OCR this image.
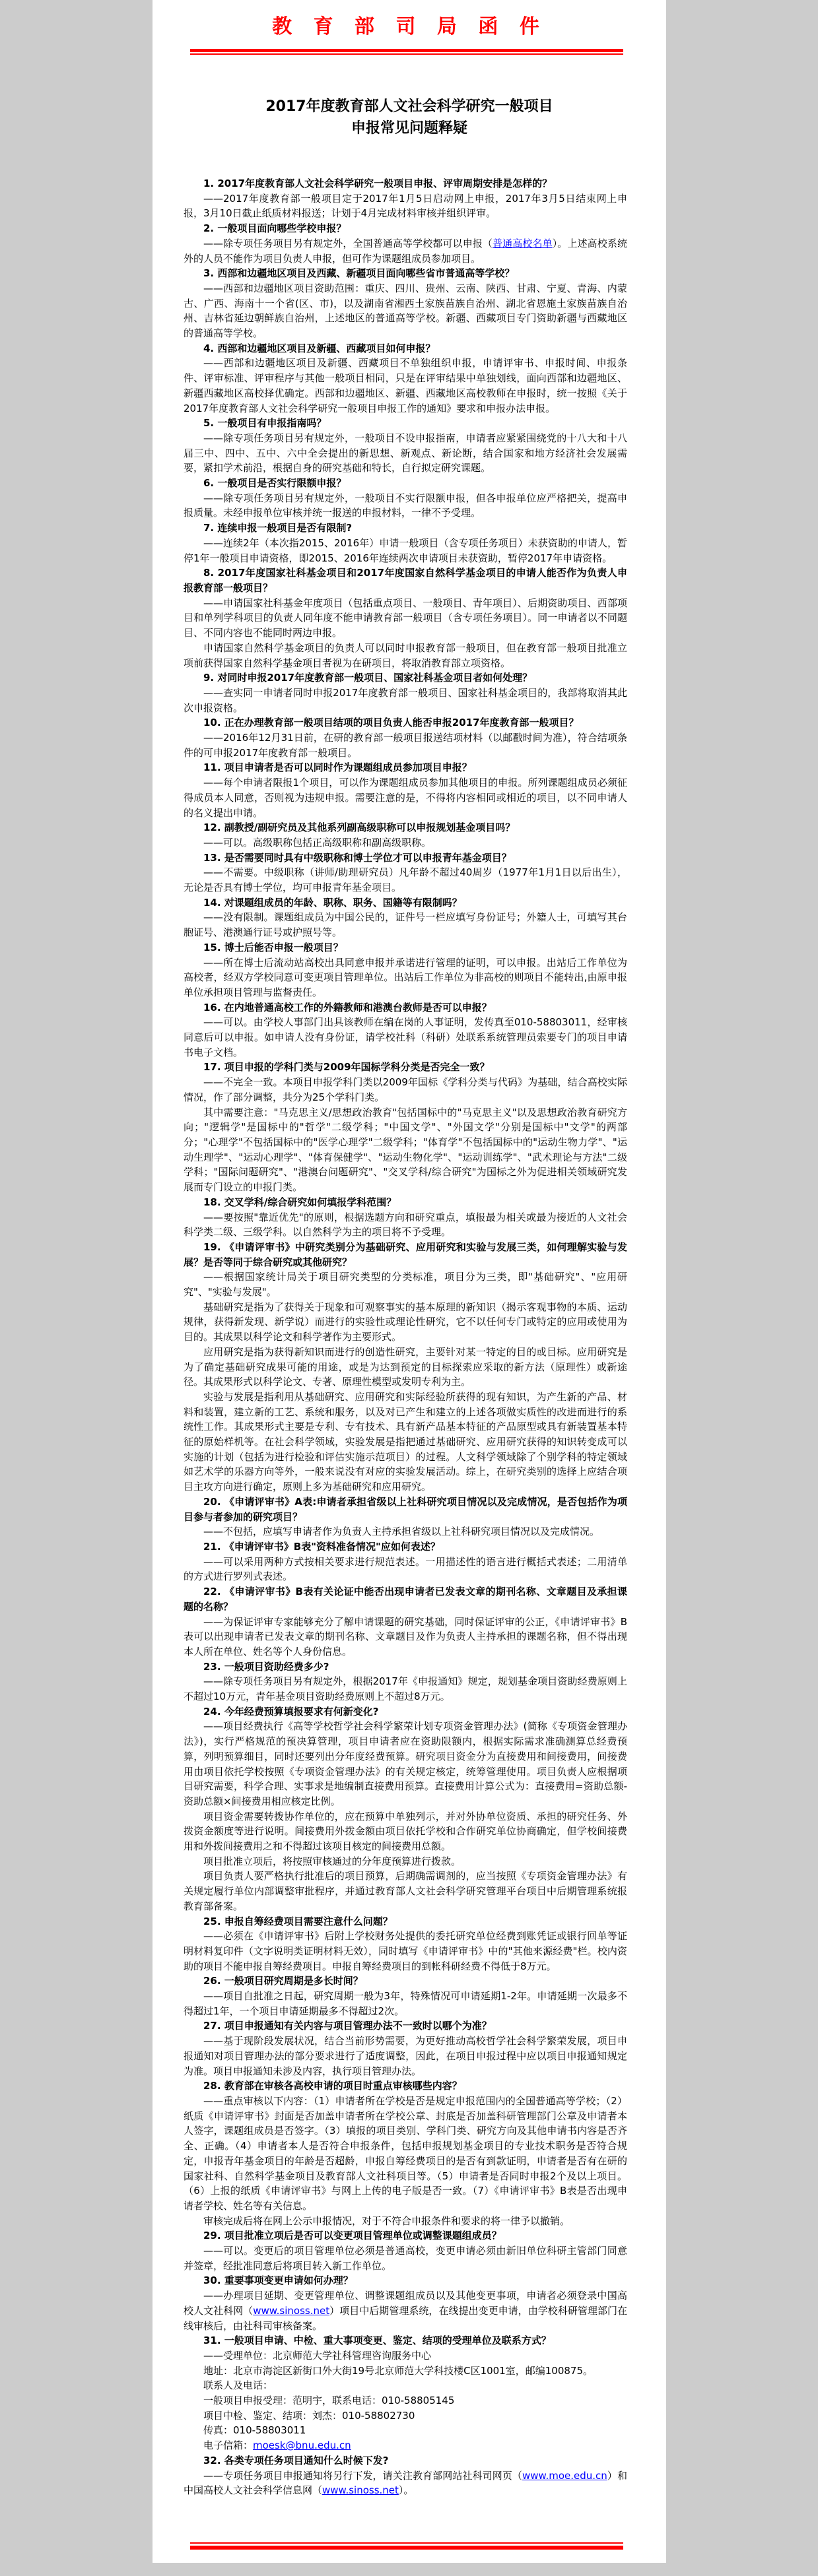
教 育 部 司 局 函 件
2017年度教育部人文社会科学研究一般项目
申报常见问题释疑

1. 2017年度教育部人文社会科学研究一般项目申报、评审周期安排是怎样的？

——2017年度教育部一般项目定于2017年1月5日启动网上申报，2017年3月5日结束网上申报，3月10日截止纸质材料报送；计划于4月完成材料审核并组织评审。

2. 一般项目面向哪些学校申报？

——除专项任务项目另有规定外，全国普通高等学校都可以申报（普通高校名单）。上述高校系统外的人员不能作为项目负责人申报，但可作为课题组成员参加项目。

3. 西部和边疆地区项目及西藏、新疆项目面向哪些省市普通高等学校？

——西部和边疆地区项目资助范围：重庆、四川、贵州、云南、陕西、甘肃、宁夏、青海、内蒙古、广西、海南十一个省(区、市)，以及湖南省湘西土家族苗族自治州、湖北省恩施土家族苗族自治州、吉林省延边朝鲜族自治州，上述地区的普通高等学校。新疆、西藏项目专门资助新疆与西藏地区的普通高等学校。

4. 西部和边疆地区项目及新疆、西藏项目如何申报？

——西部和边疆地区项目及新疆、西藏项目不单独组织申报，申请评审书、申报时间、申报条件、评审标准、评审程序与其他一般项目相同，只是在评审结果中单独划线，面向西部和边疆地区、新疆西藏地区高校择优确定。西部和边疆地区、新疆、西藏地区高校教师在申报时，统一按照《关于2017年度教育部人文社会科学研究一般项目申报工作的通知》要求和申报办法申报。

5. 一般项目有申报指南吗？

——除专项任务项目另有规定外，一般项目不设申报指南，申请者应紧紧围绕党的十八大和十八届三中、四中、五中、六中全会提出的新思想、新观点、新论断，结合国家和地方经济社会发展需要，紧扣学术前沿，根据自身的研究基础和特长，自行拟定研究课题。

6. 一般项目是否实行限额申报？

——除专项任务项目另有规定外，一般项目不实行限额申报，但各申报单位应严格把关，提高申报质量。未经申报单位审核并统一报送的申报材料，一律不予受理。

7. 连续申报一般项目是否有限制?

——连续2年（本次指2015、2016年）申请一般项目（含专项任务项目）未获资助的申请人，暂停1年一般项目申请资格，即2015、2016年连续两次申请项目未获资助，暂停2017年申请资格。

8. 2017年度国家社科基金项目和2017年度国家自然科学基金项目的申请人能否作为负责人申报教育部一般项目？

——申请国家社科基金年度项目（包括重点项目、一般项目、青年项目）、后期资助项目、西部项目和单列学科项目的负责人同年度不能申请教育部一般项目（含专项任务项目）。同一申请者以不同题目、不同内容也不能同时两边申报。

申请国家自然科学基金项目的负责人可以同时申报教育部一般项目，但在教育部一般项目批准立项前获得国家自然科学基金项目者视为在研项目，将取消教育部立项资格。

9. 对同时申报2017年度教育部一般项目、国家社科基金项目者如何处理？

——查实同一申请者同时申报2017年度教育部一般项目、国家社科基金项目的，我部将取消其此次申报资格。

10. 正在办理教育部一般项目结项的项目负责人能否申报2017年度教育部一般项目？

——2016年12月31日前，在研的教育部一般项目报送结项材料（以邮戳时间为准），符合结项条件的可申报2017年度教育部一般项目。

11. 项目申请者是否可以同时作为课题组成员参加项目申报？

——每个申请者限报1个项目，可以作为课题组成员参加其他项目的申报。所列课题组成员必须征得成员本人同意，否则视为违规申报。需要注意的是，不得将内容相同或相近的项目，以不同申请人的名义提出申请。

12. 副教授/副研究员及其他系列副高级职称可以申报规划基金项目吗？

——可以。高级职称包括正高级职称和副高级职称。

13. 是否需要同时具有中级职称和博士学位才可以申报青年基金项目？

——不需要。中级职称（讲师/助理研究员）凡年龄不超过40周岁（1977年1月1日以后出生），无论是否具有博士学位，均可申报青年基金项目。

14. 对课题组成员的年龄、职称、职务、国籍等有限制吗？

——没有限制。课题组成员为中国公民的，证件号一栏应填写身份证号；外籍人士，可填写其台胞证号、港澳通行证号或护照号等。

15. 博士后能否申报一般项目？

——所在博士后流动站高校出具同意申报并承诺进行管理的证明，可以申报。出站后工作单位为高校者，经双方学校同意可变更项目管理单位。出站后工作单位为非高校的则项目不能转出,由原申报单位承担项目管理与监督责任。

16. 在内地普通高校工作的外籍教师和港澳台教师是否可以申报？

——可以。由学校人事部门出具该教师在编在岗的人事证明，发传真至010-58803011，经审核同意后可以申报。如申请人没有身份证，请学校社科（科研）处联系系统管理员索要专门的项目申请书电子文档。

17. 项目申报的学科门类与2009年国标学科分类是否完全一致？

——不完全一致。本项目申报学科门类以2009年国标《学科分类与代码》为基础，结合高校实际情况，作了部分调整，共分为25个学科门类。

其中需要注意："马克思主义/思想政治教育"包括国标中的"马克思主义"以及思想政治教育研究方向；"逻辑学"是国标中的"哲学"二级学科；"中国文学"、"外国文学"分别是国标中"文学"的两部分；"心理学"不包括国标中的"医学心理学"二级学科；"体育学"不包括国标中的"运动生物力学"、"运动生理学"、"运动心理学"、"体育保健学"、"运动生物化学"、"运动训练学"、"武术理论与方法"二级学科；"国际问题研究"、"港澳台问题研究"、"交叉学科/综合研究"为国标之外为促进相关领域研究发展而专门设立的申报门类。

18. 交叉学科/综合研究如何填报学科范围？

——要按照"靠近优先"的原则，根据选题方向和研究重点，填报最为相关或最为接近的人文社会科学类二级、三级学科。以自然科学为主的项目将不予受理。

19. 《申请评审书》中研究类别分为基础研究、应用研究和实验与发展三类，如何理解实验与发展？是否等同于综合研究或其他研究？

——根据国家统计局关于项目研究类型的分类标准，项目分为三类，即"基础研究"、"应用研究"、"实验与发展"。

基础研究是指为了获得关于现象和可观察事实的基本原理的新知识（揭示客观事物的本质、运动规律，获得新发现、新学说）而进行的实验性或理论性研究，它不以任何专门或特定的应用或使用为目的。其成果以科学论文和科学著作为主要形式。

应用研究是指为获得新知识而进行的创造性研究，主要针对某一特定的目的或目标。应用研究是为了确定基础研究成果可能的用途，或是为达到预定的目标探索应采取的新方法（原理性）或新途径。其成果形式以科学论文、专著、原理性模型或发明专利为主。

实验与发展是指利用从基础研究、应用研究和实际经验所获得的现有知识，为产生新的产品、材料和装置，建立新的工艺、系统和服务，以及对已产生和建立的上述各项做实质性的改进而进行的系统性工作。其成果形式主要是专利、专有技术、具有新产品基本特征的产品原型或具有新装置基本特征的原始样机等。在社会科学领域，实验发展是指把通过基础研究、应用研究获得的知识转变成可以实施的计划（包括为进行检验和评估实施示范项目）的过程。人文科学领域除了个别学科的特定领域如艺术学的乐器方向等外，一般来说没有对应的实验发展活动。综上，在研究类别的选择上应结合项目主攻方向进行确定，原则上多为基础研究和应用研究。

20. 《申请评审书》A表:申请者承担省级以上社科研究项目情况以及完成情况，是否包括作为项目参与者参加的研究项目？

——不包括，应填写申请者作为负责人主持承担省级以上社科研究项目情况以及完成情况。

21. 《申请评审书》B表"资料准备情况"应如何表述？

——可以采用两种方式按相关要求进行规范表述。一用描述性的语言进行概括式表述；二用清单的方式进行罗列式表述。

22. 《申请评审书》B表有关论证中能否出现申请者已发表文章的期刊名称、文章题目及承担课题的名称？

——为保证评审专家能够充分了解申请课题的研究基础，同时保证评审的公正，《申请评审书》B表可以出现申请者已发表文章的期刊名称、文章题目及作为负责人主持承担的课题名称，但不得出现本人所在单位、姓名等个人身份信息。

23. 一般项目资助经费多少?

——除专项任务项目另有规定外，根据2017年《申报通知》规定，规划基金项目资助经费原则上不超过10万元，青年基金项目资助经费原则上不超过8万元。

24. 今年经费预算填报要求有何新变化?

——项目经费执行《高等学校哲学社会科学繁荣计划专项资金管理办法》(简称《专项资金管理办法》)，实行严格规范的预决算管理，项目申请者应在资助限额内，根据实际需求准确测算总经费预算，列明预算细目，同时还要列出分年度经费预算。研究项目资金分为直接费用和间接费用，间接费用由项目依托学校按照《专项资金管理办法》的有关规定核定，统筹管理使用。项目负责人应根据项目研究需要，科学合理、实事求是地编制直接费用预算。直接费用计算公式为：直接费用=资助总额-资助总额×间接费用相应核定比例。

项目资金需要转拨协作单位的，应在预算中单独列示，并对外协单位资质、承担的研究任务、外拨资金额度等进行说明。间接费用外拨金额由项目依托学校和合作研究单位协商确定，但学校间接费用和外拨间接费用之和不得超过该项目核定的间接费用总额。

项目批准立项后，将按照审核通过的分年度预算进行拨款。

项目负责人要严格执行批准后的项目预算，后期确需调剂的，应当按照《专项资金管理办法》有关规定履行单位内部调整审批程序，并通过教育部人文社会科学研究管理平台项目中后期管理系统报教育部备案。

25. 申报自筹经费项目需要注意什么问题？

——必须在《申请评审书》后附上学校财务处提供的委托研究单位经费到账凭证或银行回单等证明材料复印件（文字说明类证明材料无效），同时填写《申请评审书》中的"其他来源经费"栏。校内资助的项目不能申报自筹经费项目。申报自筹经费项目的到帐科研经费不得低于8万元。

26. 一般项目研究周期是多长时间？

——项目自批准之日起，研究周期一般为3年，特殊情况可申请延期1-2年。申请延期一次最多不得超过1年，一个项目申请延期最多不得超过2次。

27. 项目申报通知有关内容与项目管理办法不一致时以哪个为准？

——基于现阶段发展状况，结合当前形势需要，为更好推动高校哲学社会科学繁荣发展，项目申报通知对项目管理办法的部分要求进行了适度调整，因此，在项目申报过程中应以项目申报通知规定为准。项目申报通知未涉及内容，执行项目管理办法。

28. 教育部在审核各高校申请的项目时重点审核哪些内容？

——重点审核以下内容：（1）申请者所在学校是否是规定申报范围内的全国普通高等学校；（2）纸质《申请评审书》封面是否加盖申请者所在学校公章、封底是否加盖科研管理部门公章及申请者本人签字，课题组成员是否签字。（3）填报的项目类别、学科门类、研究方向及其他申请书内容是否齐全、正确。（4）申请者本人是否符合申报条件，包括申报规划基金项目的专业技术职务是否符合规定，申报青年基金项目的年龄是否超龄，申报自筹经费项目的是否有到款证明，申请者是否有在研的国家社科、自然科学基金项目及教育部人文社科项目等。（5）申请者是否同时申报2个及以上项目。（6）上报的纸质《申请评审书》与网上上传的电子版是否一致。（7）《申请评审书》B表是否出现申请者学校、姓名等有关信息。

审核完成后将在网上公示申报情况，对于不符合申报条件和要求的将一律予以撤销。

29. 项目批准立项后是否可以变更项目管理单位或调整课题组成员？

——可以。变更后的项目管理单位必须是普通高校，变更申请必须由新旧单位科研主管部门同意并签章，经批准同意后将项目转入新工作单位。

30. 重要事项变更申请如何办理？

——办理项目延期、变更管理单位、调整课题组成员以及其他变更事项，申请者必须登录中国高校人文社科网（www.sinoss.net）项目中后期管理系统，在线提出变更申请，由学校科研管理部门在线审核后，由社科司审核备案。

31. 一般项目申请、中检、重大事项变更、鉴定、结项的受理单位及联系方式？

——受理单位：北京师范大学社科管理咨询服务中心

地址：北京市海淀区新街口外大街19号北京师范大学科技楼C区1001室，邮编100875。

联系人及电话：

一般项目申报受理：范明宇，联系电话：010-58805145

项目中检、鉴定、结项：刘杰：010-58802730

传真：010-58803011

电子信箱：moesk@bnu.edu.cn

32. 各类专项任务项目通知什么时候下发?

——专项任务项目申报通知将另行下发，请关注教育部网站社科司网页（www.moe.edu.cn）和中国高校人文社会科学信息网（www.sinoss.net）。
